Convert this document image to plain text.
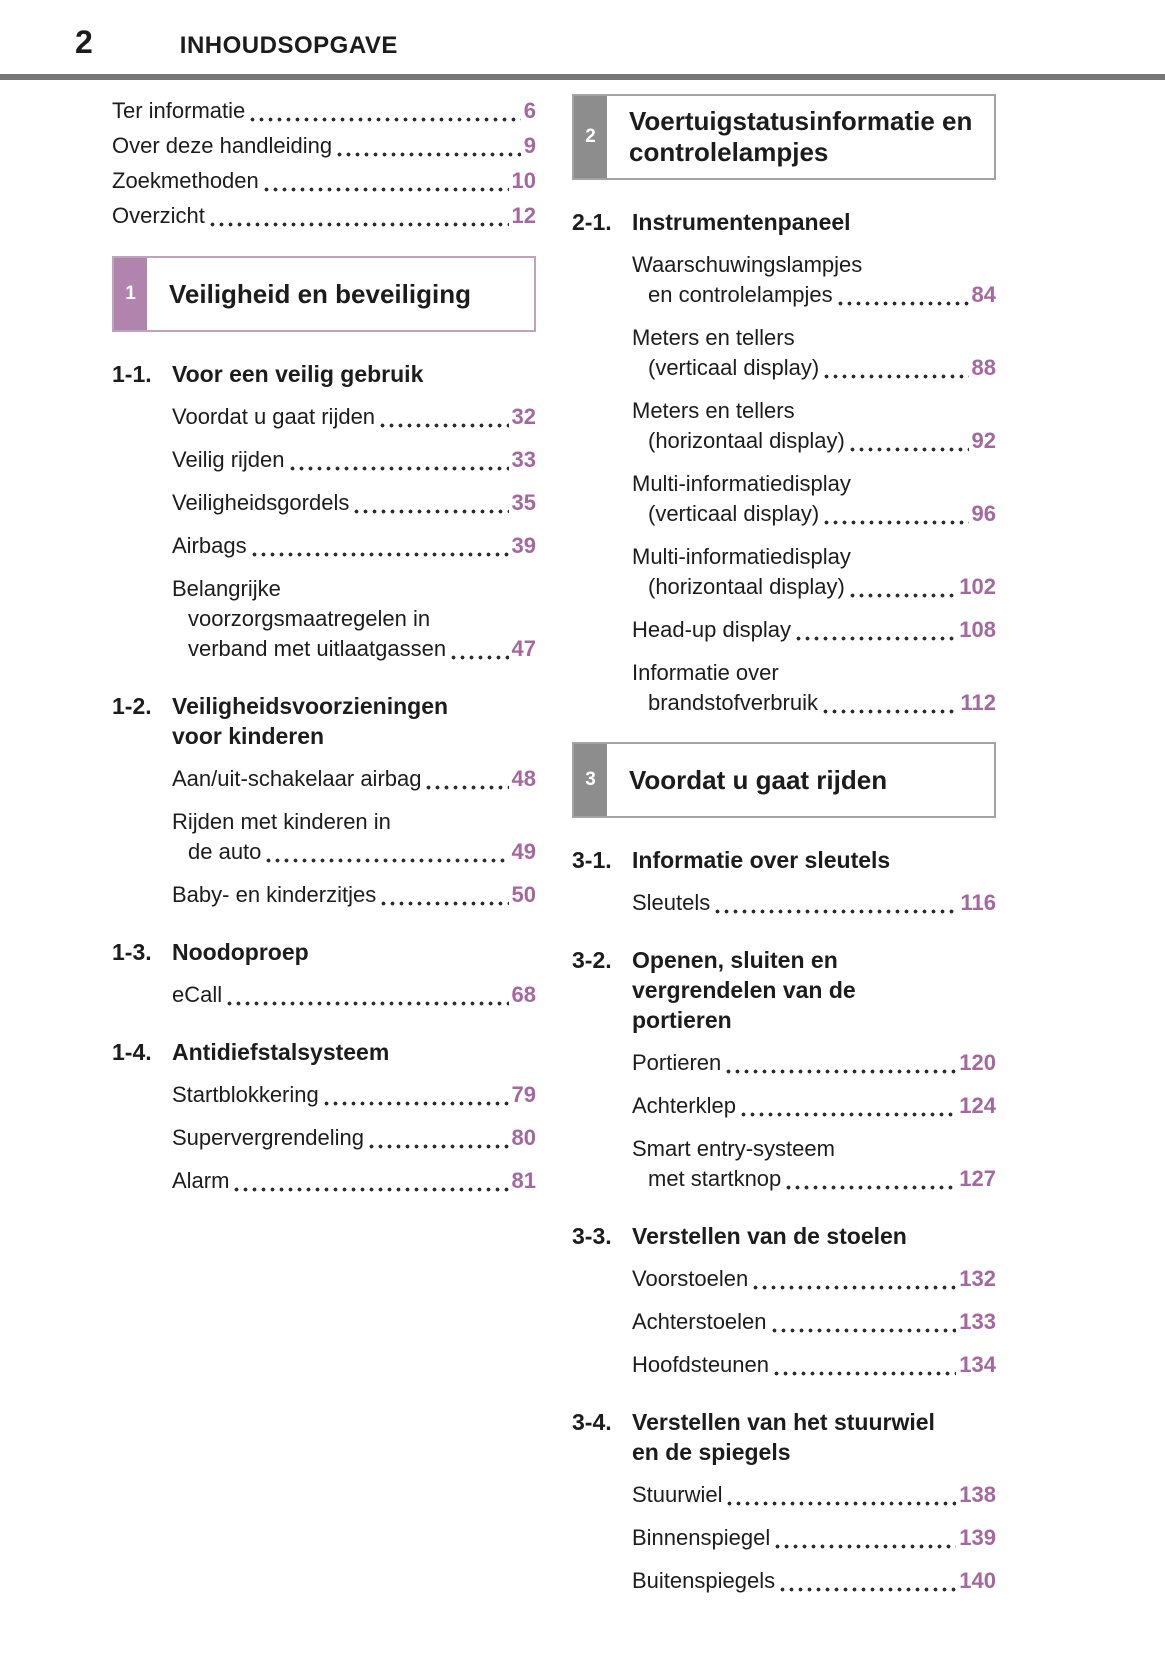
2	INHOUDSOPGAVE
Ter informatie	6
Over deze handleiding	9
Zoekmethoden	10
Overzicht	12
1	Veiligheid en beveiliging
1-1. Voor een veilig gebruik
Voordat u gaat rijden	32
Veilig rijden	33
Veiligheidsgordels	35
Airbags	39
Belangrijke
voorzorgsmaatregelen in
verband met uitlaatgassen	47
1-2. Veiligheidsvoorzieningen
voor kinderen
Aan/uit-schakelaar airbag	48
Rijden met kinderen in
de auto	49
Baby- en kinderzitjes	50
1-3. Noodoproep
eCall	68
1-4. Antidiefstalsysteem
Startblokkering	79
Supervergrendeling	80
Alarm	81
2
Voertuigstatusinformatie en
controlelampjes
2-1. Instrumentenpaneel
Waarschuwingslampjes
en controlelampjes	84
Meters en tellers
(verticaal display)	88
Meters en tellers
(horizontaal display)	92
Multi-informatiedisplay
(verticaal display)	96
Multi-informatiedisplay
(horizontaal display)	102
Head-up display	108
Informatie over
brandstofverbruik	112
3	Voordat u gaat rijden
3-1. Informatie over sleutels
Sleutels	116
3-2. Openen, sluiten en
vergrendelen van de
portieren
Portieren	120
Achterklep	124
Smart entry-systeem
met startknop	127
3-3. Verstellen van de stoelen
Voorstoelen	132
Achterstoelen	133
Hoofdsteunen	134
3-4. Verstellen van het stuurwiel
en de spiegels
Stuurwiel	138
Binnenspiegel	139
Buitenspiegels	140
